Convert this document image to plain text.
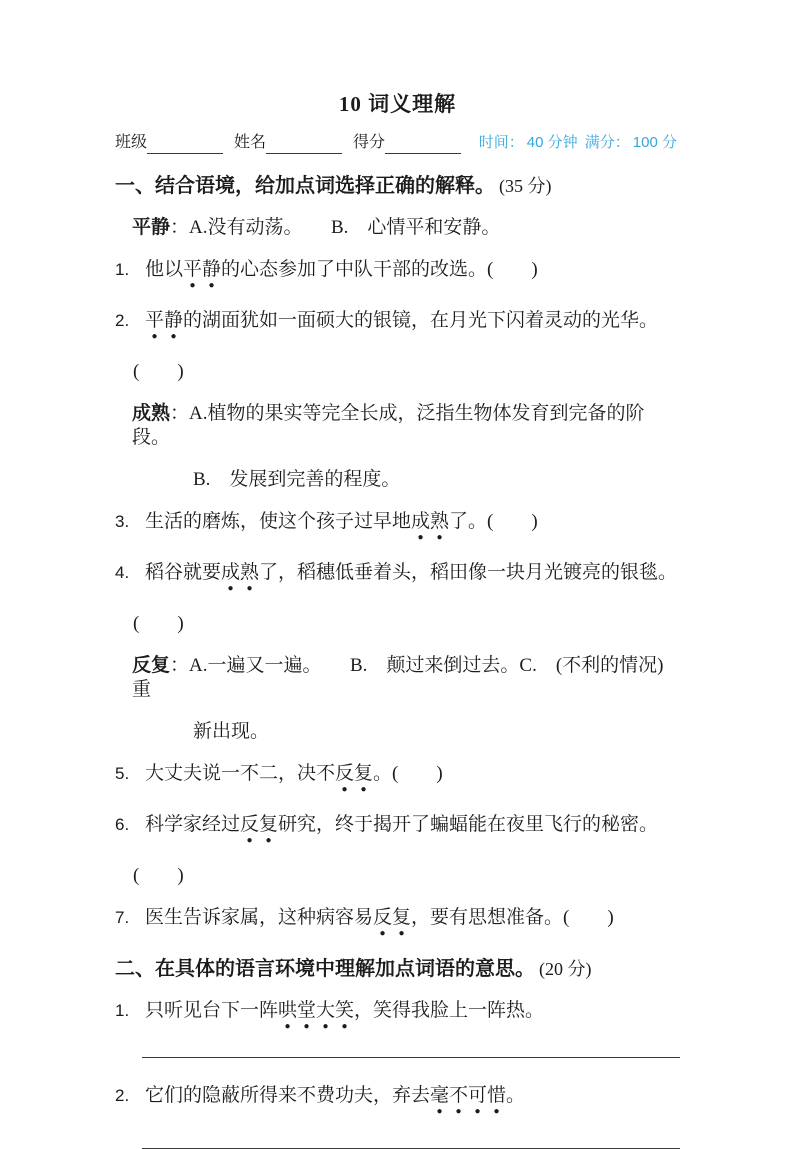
10 词义理解
班级	姓名	得分	时间： 40 分钟 满分： 100 分
一、结合语境，给加点词选择正确的解释。 (35 分)
平静：A.没有动荡。　　B.　心情平和安静。
1. 他以平静的心态参加了中队干部的改选。(　　)
2. 平静的湖面犹如一面硕大的银镜，在月光下闪着灵动的光华。
(　　)
成熟：A.植物的果实等完全长成，泛指生物体发育到完备的阶段。
B.　发展到完善的程度。
3. 生活的磨炼，使这个孩子过早地成熟了。(　　)
4. 稻谷就要成熟了，稻穗低垂着头，稻田像一块月光镀亮的银毯。
(　　)
反复：A.一遍又一遍。　　B.　颠过来倒过去。C.　(不利的情况)重
新出现。
5. 大丈夫说一不二，决不反复。(　　)
6. 科学家经过反复研究，终于揭开了蝙蝠能在夜里飞行的秘密。
(　　)
7. 医生告诉家属，这种病容易反复，要有思想准备。(　　)
二、在具体的语言环境中理解加点词语的意思。 (20 分)
1. 只听见台下一阵哄堂大笑，笑得我脸上一阵热。
2. 它们的隐蔽所得来不费功夫，弃去毫不可惜。
